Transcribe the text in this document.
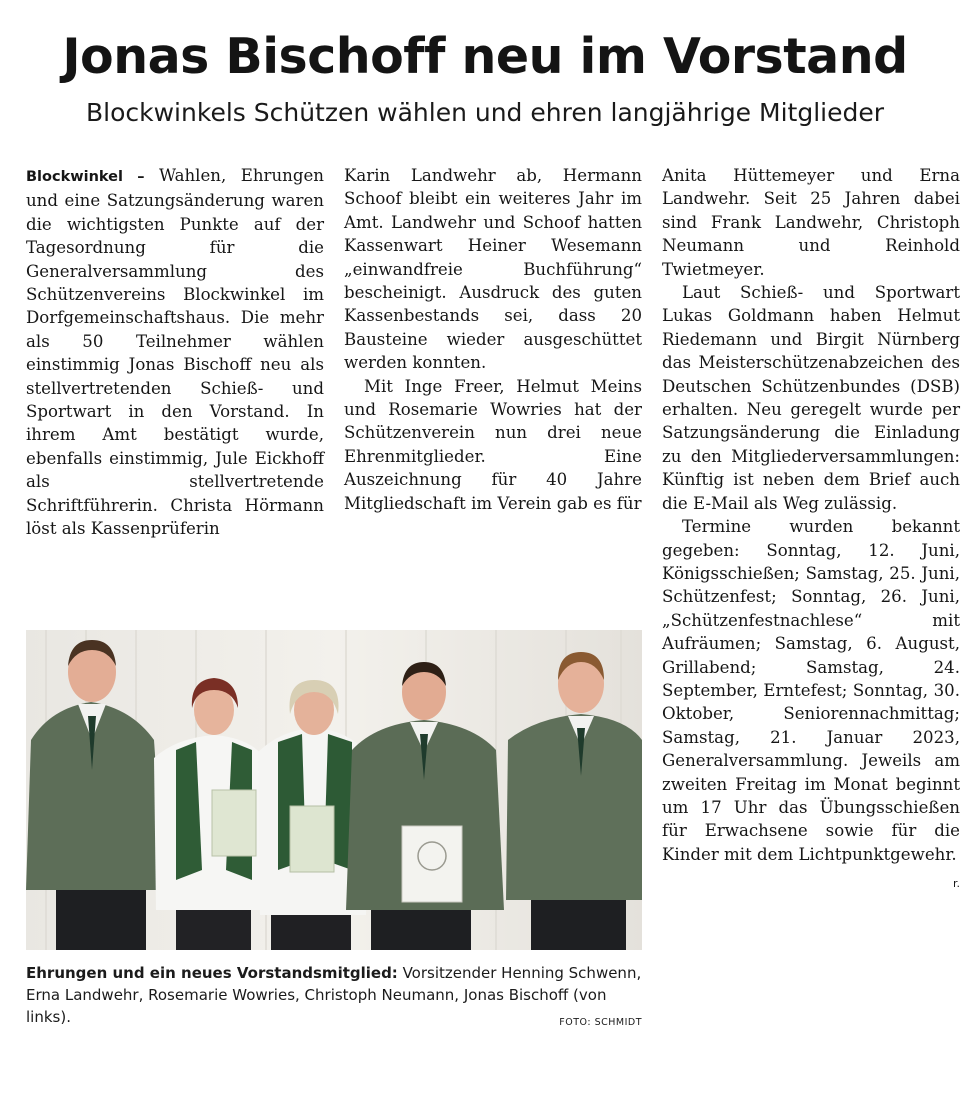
Jonas Bischoff neu im Vorstand
Blockwinkels Schützen wählen und ehren langjährige Mitglieder

Blockwinkel – Wahlen, Ehrungen und eine Satzungsänderung waren die wichtigsten Punkte auf der Tagesordnung für die Generalversammlung des Schützenvereins Blockwinkel im Dorfgemeinschaftshaus. Die mehr als 50 Teilnehmer wählen einstimmig Jonas Bischoff neu als stellvertretenden Schieß- und Sportwart in den Vorstand. In ihrem Amt bestätigt wurde, ebenfalls einstimmig, Jule Eickhoff als stellvertretende Schriftführerin. Christa Hörmann löst als Kassenprüferin

Karin Landwehr ab, Hermann Schoof bleibt ein weiteres Jahr im Amt. Landwehr und Schoof hatten Kassenwart Heiner Wesemann „einwandfreie Buchführung“ bescheinigt. Ausdruck des guten Kassenbestands sei, dass 20 Bausteine wieder ausgeschüttet werden konnten.

Mit Inge Freer, Helmut Meins und Rosemarie Wowries hat der Schützenverein nun drei neue Ehrenmitglieder. Eine Auszeichnung für 40 Jahre Mitgliedschaft im Verein gab es für

Anita Hüttemeyer und Erna Landwehr. Seit 25 Jahren dabei sind Frank Landwehr, Christoph Neumann und Reinhold Twietmeyer.

Laut Schieß- und Sportwart Lukas Goldmann haben Helmut Riedemann und Birgit Nürnberg das Meisterschützenabzeichen des Deutschen Schützenbundes (DSB) erhalten. Neu geregelt wurde per Satzungsänderung die Einladung zu den Mitgliederversammlungen: Künftig ist neben dem Brief auch die E-Mail als Weg zulässig.

Termine wurden bekannt gegeben: Sonntag, 12. Juni, Königsschießen; Samstag, 25. Juni, Schützenfest; Sonntag, 26. Juni, „Schützenfestnachlese“ mit Aufräumen; Samstag, 6. August, Grillabend; Samstag, 24. September, Erntefest; Sonntag, 30. Oktober, Seniorennachmittag; Samstag, 21. Januar 2023, Generalversammlung. Jeweils am zweiten Freitag im Monat beginnt um 17 Uhr das Übungsschießen für Erwachsene sowie für die Kinder mit dem Lichtpunktgewehr.
r.

Ehrungen und ein neues Vorstandsmitglied: Vorsitzender Henning Schwenn, Erna Landwehr, Rosemarie Wowries, Christoph Neumann, Jonas Bischoff (von links).	FOTO: SCHMIDT
